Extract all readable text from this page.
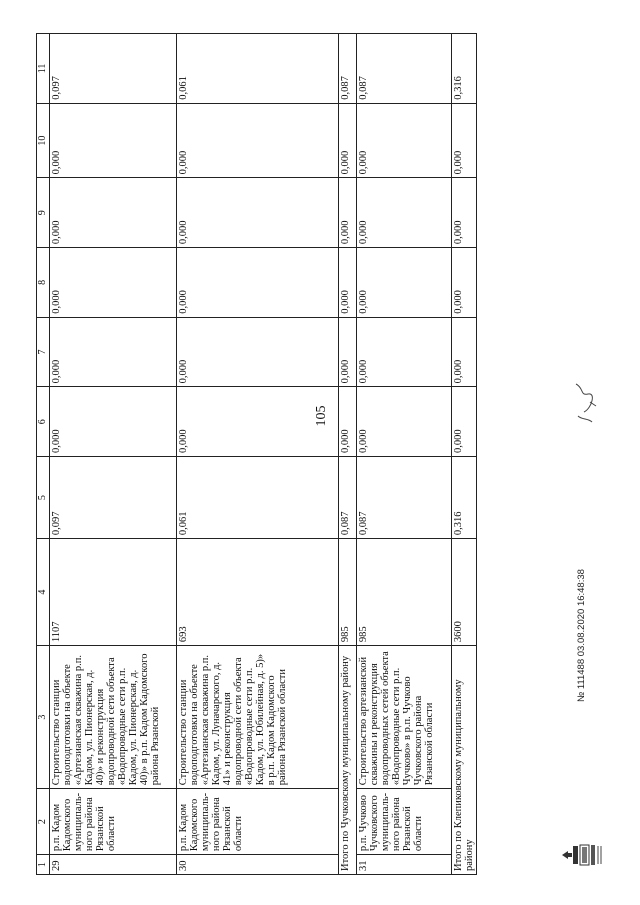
105
1	2	3	4	5	6	7	8	9	10	11
29	р.п. Кадом Кадомского муниципаль-ного района Рязанской области	Строительство станции водоподготовки на объекте «Артезианская скважина р.п. Кадом, ул. Пионерская, д. 40)» и реконструкция водопроводной сети объекта «Водопроводные сети р.п. Кадом, ул. Пионерская, д. 40)» в р.п. Кадом Кадомского района Рязанской	1107	0,097	0,000	0,000	0,000	0,000	0,000	0,097
30	р.п. Кадом Кадомского муниципаль-ного района Рязанской области	Строительство станции водоподготовки на объекте «Артезианская скважина р.п. Кадом, ул. Луначарского, д. 41» и реконструкция водопроводной сети объекта «Водопроводные сети р.п. Кадом, ул. Юбилейная, д. 5)» в р.п. Кадом Кадомского района Рязанской области	693	0,061	0,000	0,000	0,000	0,000	0,000	0,061
Итого по Чучковскому муниципальному району			985	0,087	0,000	0,000	0,000	0,000	0,000	0,087
31	р.п. Чучково Чучковского муниципаль-ного района Рязанской области	Строительство артезианской скважины и реконструкция водопроводных сетей объекта «Водопроводные сети р.п. Чучково» в р.п. Чучково Чучковского района Рязанской области	985	0,087	0,000	0,000	0,000	0,000	0,000	0,087
Итого по Клепиковскому муниципальному району			3600	0,316	0,000	0,000	0,000	0,000	0,000	0,316
№ 111488 03.08.2020 16:48:38
